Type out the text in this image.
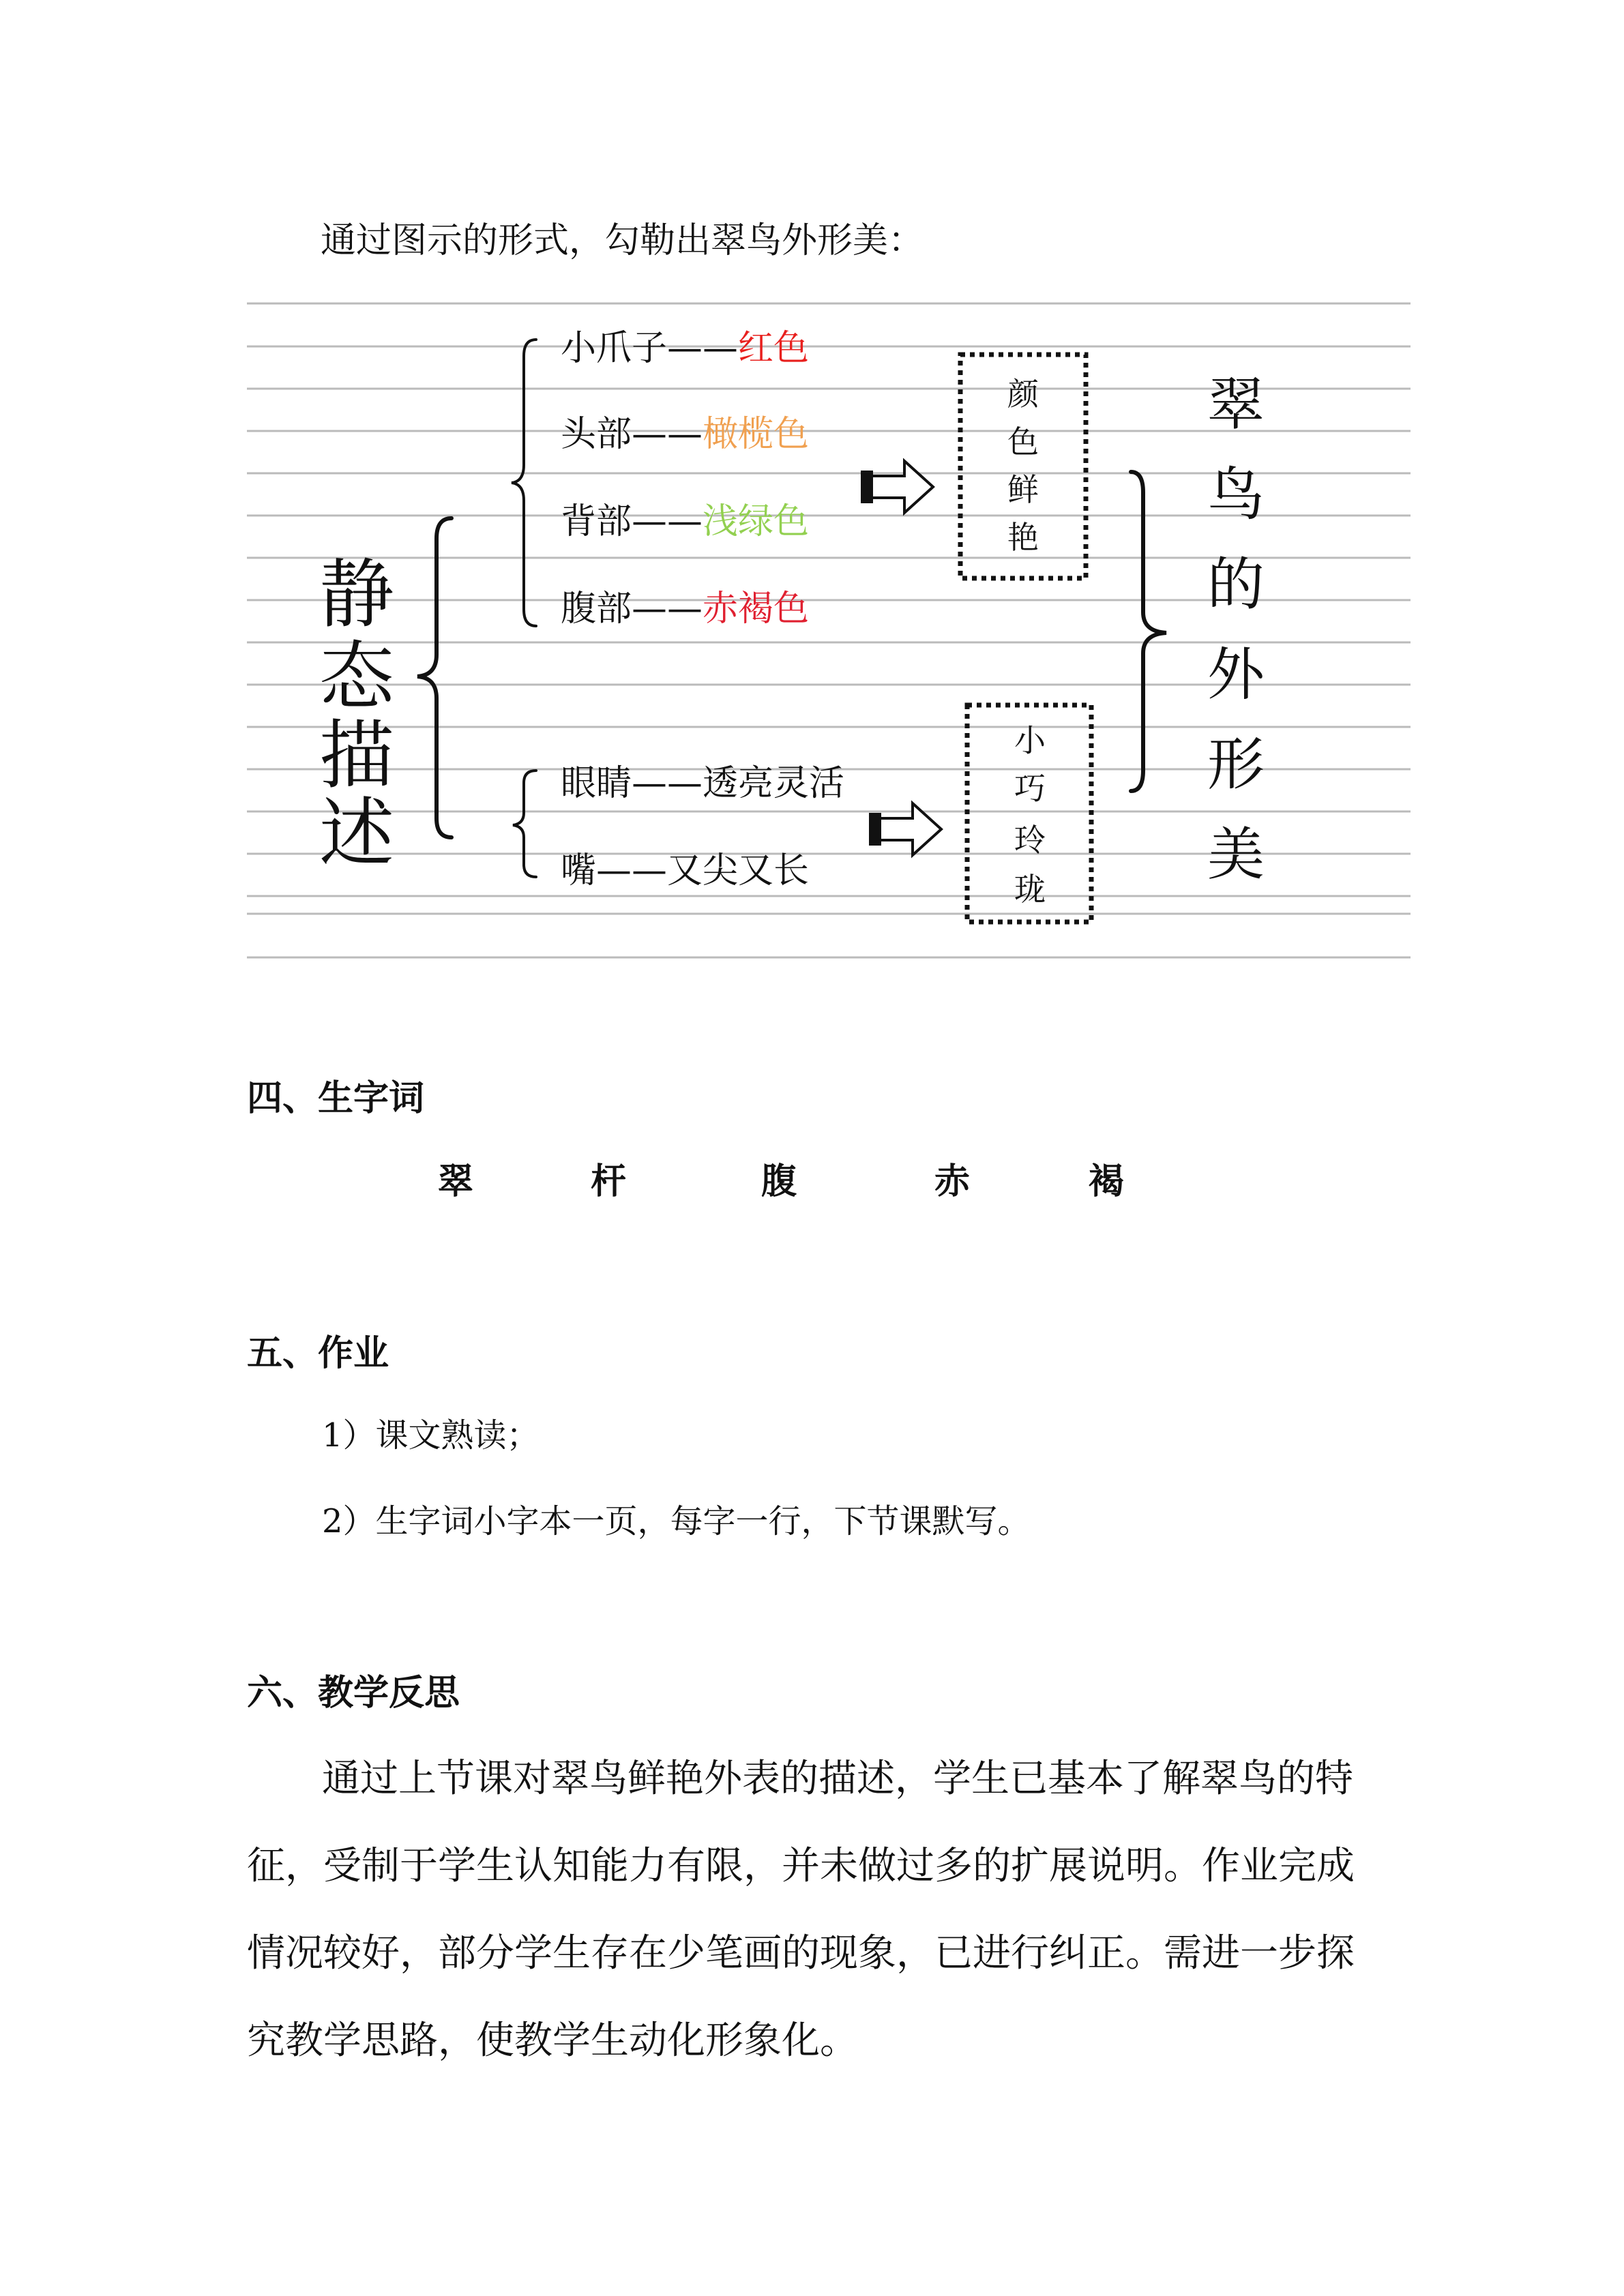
通过图示的形式，勾勒出翠鸟外形美：
静
态
描
述
小爪子——红色
头部——橄榄色
背部——浅绿色
腹部——赤褐色
眼睛——透亮灵活
嘴——又尖又长
颜
色
鲜
艳
小
巧
玲
珑
翠
鸟
的
外
形
美
四、生字词
翠	杆	腹	赤	褐
五、作业
1）课文熟读；
2）生字词小字本一页，每字一行，下节课默写。
六、教学反思
通过上节课对翠鸟鲜艳外表的描述，学生已基本了解翠鸟的特征，受制于学生认知能力有限，并未做过多的扩展说明。作业完成情况较好，部分学生存在少笔画的现象，已进行纠正。需进一步探究教学思路，使教学生动化形象化。
